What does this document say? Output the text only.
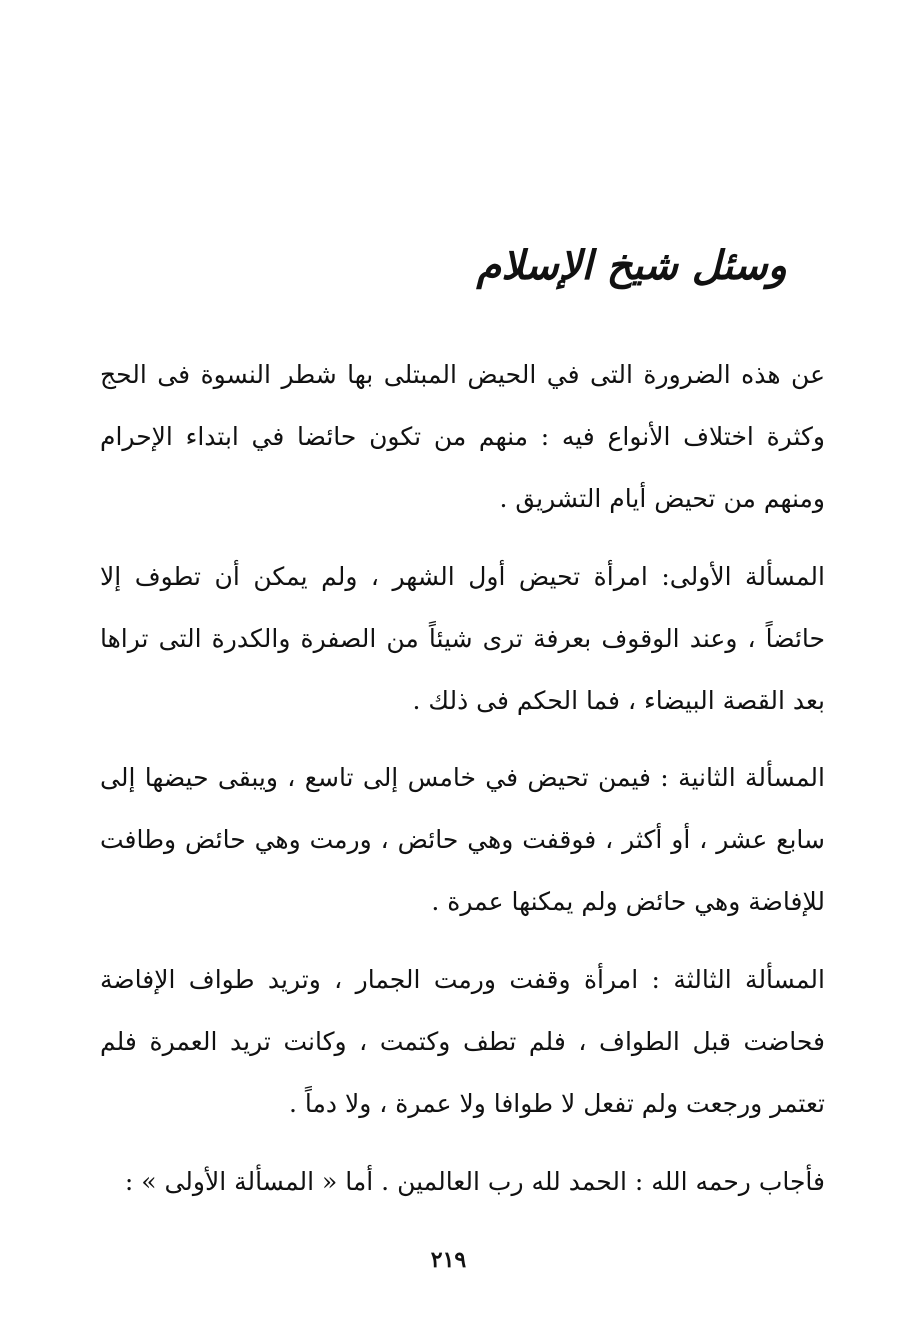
وسئل شيخ الإسلام
عن هذه الضرورة التى في الحيض المبتلى بها شطر النسوة فى الحج وكثرة اختلاف الأنواع فيه : منهم من تكون حائضا في ابتداء الإحرام ومنهم من تحيض أيام التشريق .
المسألة الأولى: امرأة تحيض أول الشهر ، ولم يمكن أن تطوف إلا حائضاً ، وعند الوقوف بعرفة ترى شيئاً من الصفرة والكدرة التى تراها بعد القصة البيضاء ، فما الحكم فى ذلك .
المسألة الثانية : فيمن تحيض في خامس إلى تاسع ، ويبقى حيضها إلى سابع عشر ، أو أكثر ، فوقفت وهي حائض ، ورمت وهي حائض وطافت للإفاضة وهي حائض ولم يمكنها عمرة .
المسألة الثالثة : امرأة وقفت ورمت الجمار ، وتريد طواف الإفاضة فحاضت قبل الطواف ، فلم تطف وكتمت ، وكانت تريد العمرة فلم تعتمر ورجعت ولم تفعل لا طوافا ولا عمرة ، ولا دماً .
فأجاب رحمه الله : الحمد لله رب العالمين . أما « المسألة الأولى » :
٢١٩
